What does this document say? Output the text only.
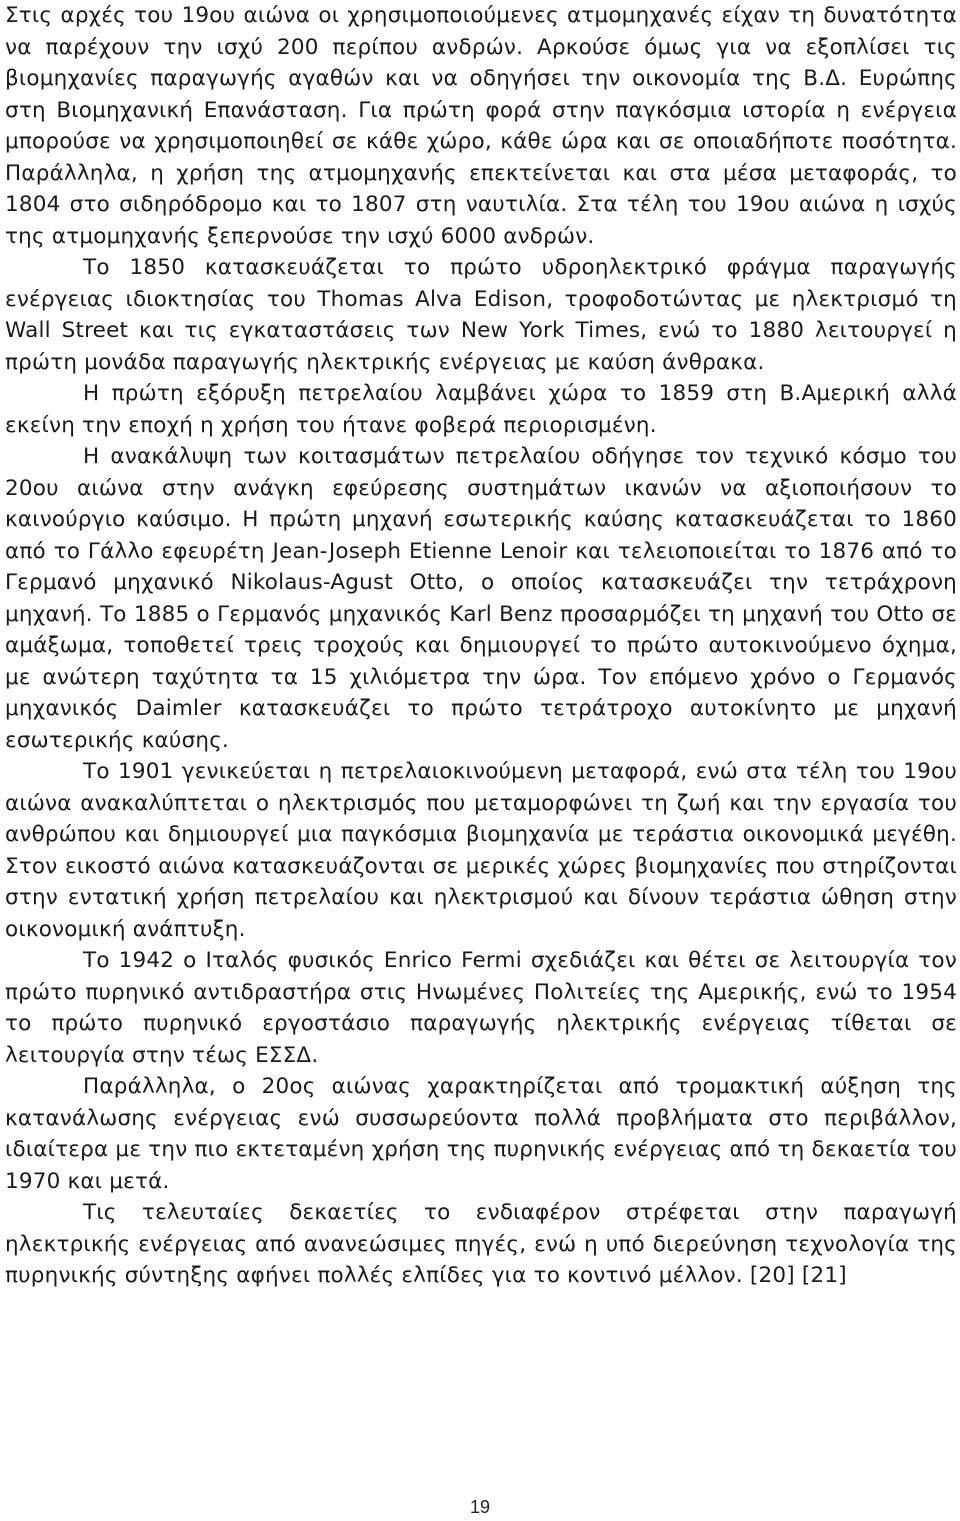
Στις αρχές του 19ου αιώνα οι χρησιμοποιούμενες ατμομηχανές είχαν τη δυνατότητα να παρέχουν την ισχύ 200 περίπου ανδρών. Αρκούσε όμως για να εξοπλίσει τις βιομηχανίες παραγωγής αγαθών και να οδηγήσει την οικονομία της Β.Δ. Ευρώπης στη Βιομηχανική Επανάσταση. Για πρώτη φορά στην παγκόσμια ιστορία η ενέργεια μπορούσε να χρησιμοποιηθεί σε κάθε χώρο, κάθε ώρα και σε οποιαδήποτε ποσότητα. Παράλληλα, η χρήση της ατμομηχανής επεκτείνεται και στα μέσα μεταφοράς, το 1804 στο σιδηρόδρομο και το 1807 στη ναυτιλία. Στα τέλη του 19ου αιώνα η ισχύς της ατμομηχανής ξεπερνούσε την ισχύ 6000 ανδρών.

Το 1850 κατασκευάζεται το πρώτο υδροηλεκτρικό φράγμα παραγωγής ενέργειας ιδιοκτησίας του Thomas Alva Edison, τροφοδοτώντας με ηλεκτρισμό τη Wall Street και τις εγκαταστάσεις των New York Times, ενώ το 1880 λειτουργεί η πρώτη μονάδα παραγωγής ηλεκτρικής ενέργειας με καύση άνθρακα.

Η πρώτη εξόρυξη πετρελαίου λαμβάνει χώρα το 1859 στη Β.Αμερική αλλά εκείνη την εποχή η χρήση του ήτανε φοβερά περιορισμένη.

Η ανακάλυψη των κοιτασμάτων πετρελαίου οδήγησε τον τεχνικό κόσμο του 20ου αιώνα στην ανάγκη εφεύρεσης συστημάτων ικανών να αξιοποιήσουν το καινούργιο καύσιμο. Η πρώτη μηχανή εσωτερικής καύσης κατασκευάζεται το 1860 από το Γάλλο εφευρέτη Jean-Joseph Etienne Lenoir και τελειοποιείται το 1876 από το Γερμανό μηχανικό Nikolaus-Agust Otto, ο οποίος κατασκευάζει την τετράχρονη μηχανή. Το 1885 ο Γερμανός μηχανικός Karl Benz προσαρμόζει τη μηχανή του Otto σε αμάξωμα, τοποθετεί τρεις τροχούς και δημιουργεί το πρώτο αυτοκινούμενο όχημα, με ανώτερη ταχύτητα τα 15 χιλιόμετρα την ώρα. Τον επόμενο χρόνο ο Γερμανός μηχανικός Daimler κατασκευάζει το πρώτο τετράτροχο αυτοκίνητο με μηχανή εσωτερικής καύσης.

Το 1901 γενικεύεται η πετρελαιοκινούμενη μεταφορά, ενώ στα τέλη του 19ου αιώνα ανακαλύπτεται ο ηλεκτρισμός που μεταμορφώνει τη ζωή και την εργασία του ανθρώπου και δημιουργεί μια παγκόσμια βιομηχανία με τεράστια οικονομικά μεγέθη. Στον εικοστό αιώνα κατασκευάζονται σε μερικές χώρες βιομηχανίες που στηρίζονται στην εντατική χρήση πετρελαίου και ηλεκτρισμού και δίνουν τεράστια ώθηση στην οικονομική ανάπτυξη.

Το 1942 ο Ιταλός φυσικός Enrico Fermi σχεδιάζει και θέτει σε λειτουργία τον πρώτο πυρηνικό αντιδραστήρα στις Ηνωμένες Πολιτείες της Αμερικής, ενώ το 1954 το πρώτο πυρηνικό εργοστάσιο παραγωγής ηλεκτρικής ενέργειας τίθεται σε λειτουργία στην τέως ΕΣΣΔ.

Παράλληλα, ο 20ος αιώνας χαρακτηρίζεται από τρομακτική αύξηση της κατανάλωσης ενέργειας ενώ συσσωρεύοντα πολλά προβλήματα στο περιβάλλον, ιδιαίτερα με την πιο εκτεταμένη χρήση της πυρηνικής ενέργειας από τη δεκαετία του 1970 και μετά.

Τις τελευταίες δεκαετίες το ενδιαφέρον στρέφεται στην παραγωγή ηλεκτρικής ενέργειας από ανανεώσιμες πηγές, ενώ η υπό διερεύνηση τεχνολογία της πυρηνικής σύντηξης αφήνει πολλές ελπίδες για το κοντινό μέλλον. [20] [21]

19
